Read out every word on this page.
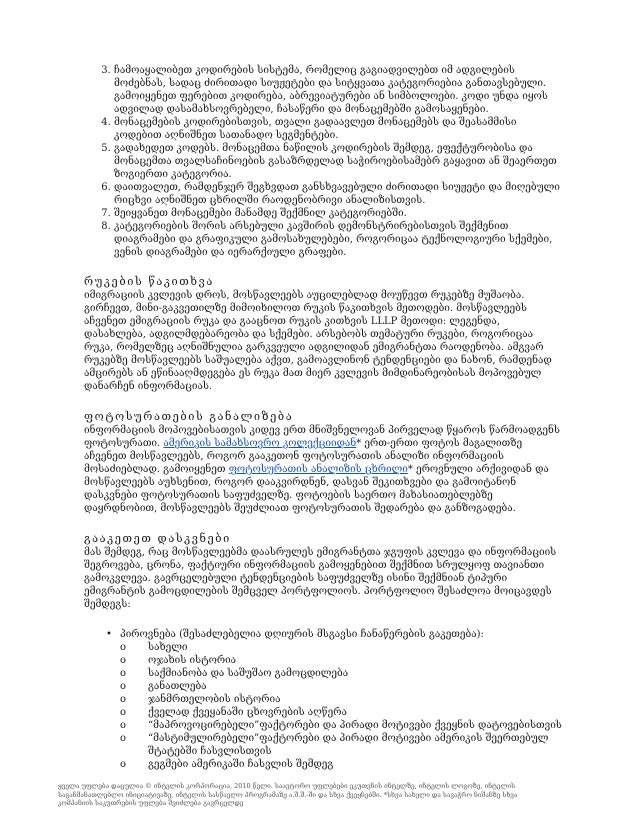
3. ჩამოაყალიბეთ კოდირების სისტემა, რომელიც გაგიადვილებთ იმ ადგილების მოძებნას, სადაც ძირითადი სიუჟეტები და სიტყვათა კატეგორიებია განთავსებული. გამოიყენეთ ფერებით კოდირება, აბრევიატურები ან სიმბოლოები. კოდი უნდა იყოს ადვილად დასამახსოვრებელი, ჩასაწერი და მონაცემებში გამოსაყენები.
4. მონაცემების კოდირებისთვის, თვალი გადაავლეთ მონაცემებს და შეასამმისი კოდებით აღნიშნეთ სათანადო სეგმენტები.
5. გადახედეთ კოდებს. მონაცემთა ნაწილის კოდირების შემდეგ, ეფექტურობისა და მონაცემთა თვალსაჩინოების გასაზრდელად საჭიროებისამებრ გაყავით ან შეაერთეთ ზოგიერთი კატეგორია.
6. დაითვალეთ, რამდენჯერ შეგხვდათ განსხვავებული ძირითადი სიუჟეტი და მიღებული რიცხვი აღნიშნეთ ცხრილში რაოდენობრივი ანალიზისთვის.
7. შეიყვანეთ მონაცემები მანამდე შექმნილ კატეგორიებში.
8. კატეგორიების შორის არსებული კავშირის დემონსტრირებისთვის შექმენით დიაგრამები და გრაფიკული გამოსახულებები, როგორიცაა ტექნოლოგიური სქემები, ვენის დიაგრამები და იერარქიული გრაფები.
რუკების წაკითხვა
იმიგრაციის კვლევის დროს, მოსწავლეებს აუცილებლად მოუწევთ რუკებზე მუშაობა. გირჩევთ, მინი-გაკვეთილზე მიმოიხილოთ რუკის წაკითხვის მეთოდები. მოსწავლეებს აჩვენეთ ემიგრაციის რუკა და გააცნოთ რუკის კითხვის LLLP მეთოდი: ლეგენდა, დასახლება, ადგილმდებარეობა და სქემები. არსებობს თემატური რუკები, როგორიცაა რუკა, რომელზეც აღნიშნულია გარკვეული ადგილიდან ემიგრანტთა რაოდენობა. ამგვარ რუკებზე მოსწავლეებს საშუალება აქვთ, გამოავლინონ ტენდენციები და ნახონ, რამდენად ამცირებს ან ეწინააღმდეგება ეს რუკა მათ მიერ კვლევის მიმდინარეობისას მოპოვებულ დანარჩენ ინფორმაციას.
ფოტოსურათების განალიზება
ინფორმაციის მოპოვებისათვის კიდევ ერთ მნიშვნელოვან პირველად წყაროს წარმოადგენს ფოტოსურათი. ამერიკის სამახსოვრო კოლექციიდან* ერთ-ერთი ფოტოს მაგალითზე აჩვენეთ მოსწავლეებს, როგორ გააკეთონ ფოტოსურათის ანალიზი ინფორმაციის მოსაძიებლად. გამოიყენეთ ფოტოსურათის ანალიზის ცხრილი* ეროვნული არქივიდან და მოსწავლეებს აუხსენით, როგორ დააკვირდნენ, დასვან შეკითხვები და გამოიტანონ დასკვნები ფოტოსურათის საფუძველზე. ფოტოების საერთო მახასიათებლებზე დაყრდნობით, მოსწავლეებს შეუძლიათ ფოტოსურათის შედარება და განზოგადება.
გააკეთეთ დასკვნები
მას შემდეგ, რაც მოსწავლეებმა დაასრულეს ემიგრანტთა ჯგუფის კვლევა და ინფორმაციის შეგროვება, ცრონა, ფაქტიური ინფორმაციის გამოყენებით შექმნით სრულყოფ თავიანთი გამოკვლევა. გავრცელებული ტენდენციების საფუძველზე ისინი შექმნიან ტიპური ემიგრანტის გამოცდილების შემცველ პორტფოლიოს. პორტფოლიო შესაძლოა მოიცავდეს შემდეგს:
• პიროვნება (შესაძლებელია დღიურის მსგავსი ჩანაწერების გაკეთება):
o სახელი
o ოჯახის ისტორია
o საქმიანობა და საშუშაო გამოცდილება
o განათლება
o ჯანმრთელობის ისტორია
o ქველად ქვეყანაში ცხოვრების აღწერა
o “მაპროვოცირებელი”ფაქტორები და პირადი მოტივები ქვეყნის დატოვებისთვის
o “მასტიმულირებელი”ფაქტორები და პირადი მოტივები ამერიკის შეერთებულ შტატებში ჩასვლისთვის
o გეგმები ამერიკაში ჩასვლის შემდეგ
ყველა უფლება დაცულია © ინტელის კორპორაცია, 2010 წელი. საავტორო უფლებები ეკუთვნის ინტელზე, ინტელის ლოგოზე, ინტელის საგანმანათლებლო ინიციატივაზე, ინტელის სასწავლო პროგრამაზე ა.შ.შ.-ში და სხვა ქვეყნებში. *სხვა სახელი და სავაჭრო ნიშანზე სხვა კომპანიის საკუთრების უფლება შეიძლება გავრცელდე
